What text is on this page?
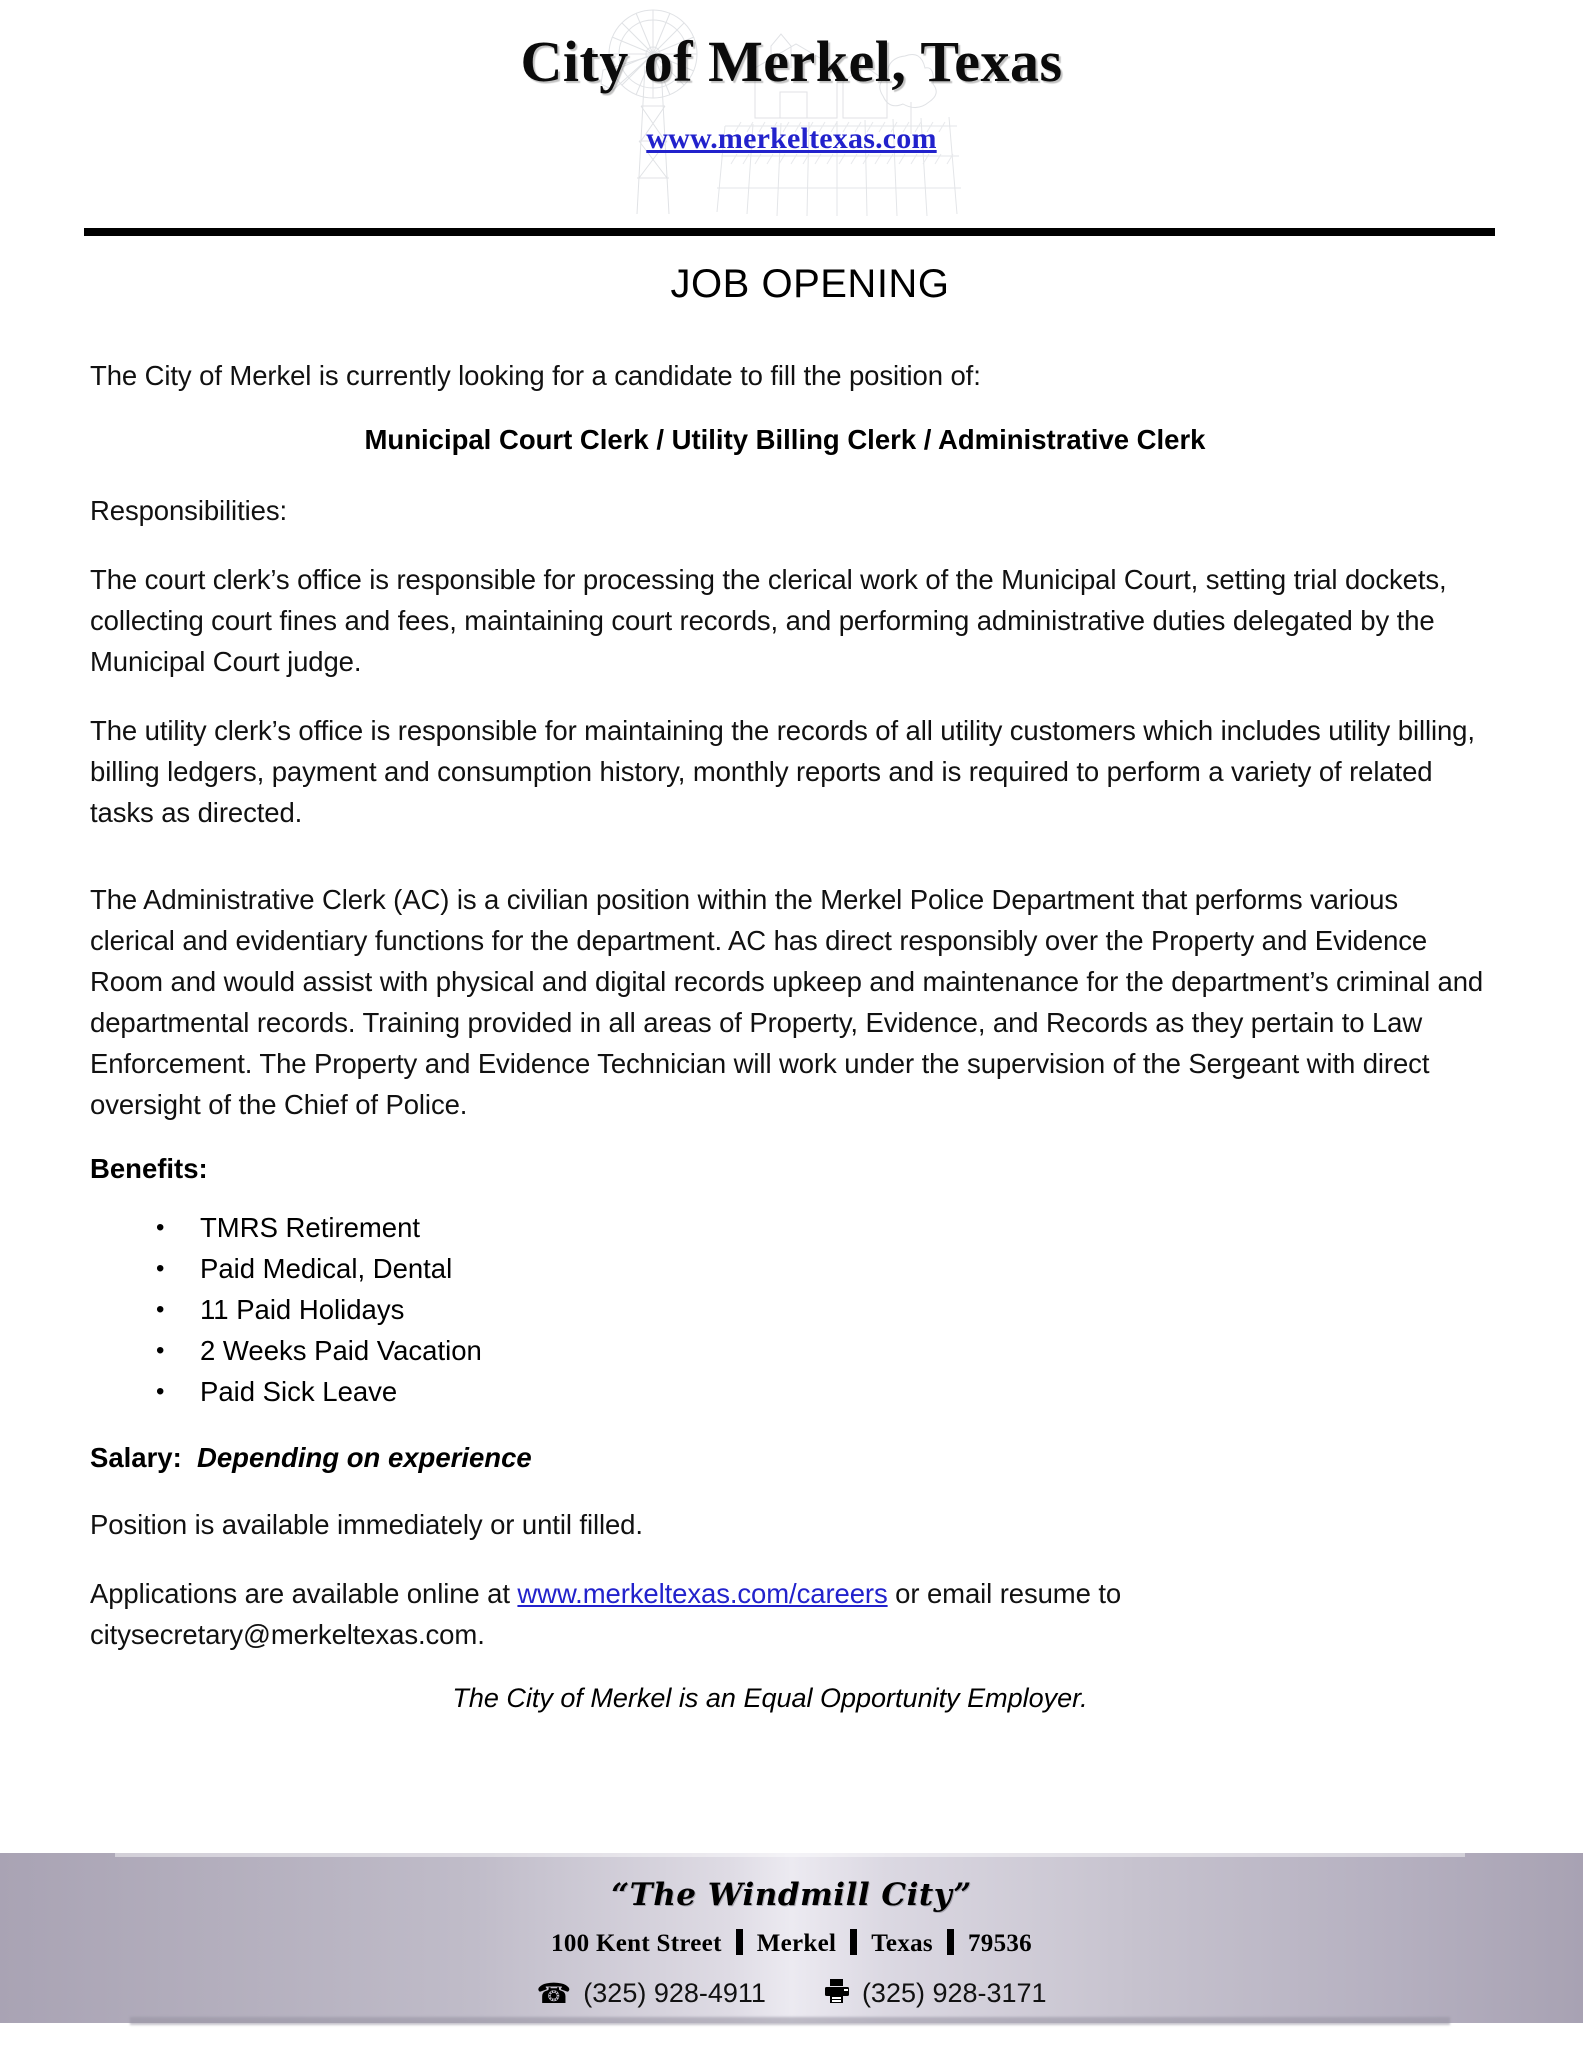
City of Merkel, Texas
www.merkeltexas.com
JOB OPENING

The City of Merkel is currently looking for a candidate to fill the position of:

Municipal Court Clerk / Utility Billing Clerk / Administrative Clerk

Responsibilities:

The court clerk’s office is responsible for processing the clerical work of the Municipal Court, setting trial dockets, collecting court fines and fees, maintaining court records, and performing administrative duties delegated by the Municipal Court judge.

The utility clerk’s office is responsible for maintaining the records of all utility customers which includes utility billing, billing ledgers, payment and consumption history, monthly reports and is required to perform a variety of related tasks as directed.

The Administrative Clerk (AC) is a civilian position within the Merkel Police Department that performs various clerical and evidentiary functions for the department. AC has direct responsibly over the Property and Evidence Room and would assist with physical and digital records upkeep and maintenance for the department’s criminal and departmental records. Training provided in all areas of Property, Evidence, and Records as they pertain to Law Enforcement. The Property and Evidence Technician will work under the supervision of the Sergeant with direct oversight of the Chief of Police.

Benefits:

• TMRS Retirement
• Paid Medical, Dental
• 11 Paid Holidays
• 2 Weeks Paid Vacation
• Paid Sick Leave

Salary: Depending on experience

Position is available immediately or until filled.

Applications are available online at www.merkeltexas.com/careers or email resume to citysecretary@merkeltexas.com.

The City of Merkel is an Equal Opportunity Employer.

“The Windmill City”
100 Kent Street Merkel Texas 79536
☎ (325) 928-4911	(325) 928-3171
